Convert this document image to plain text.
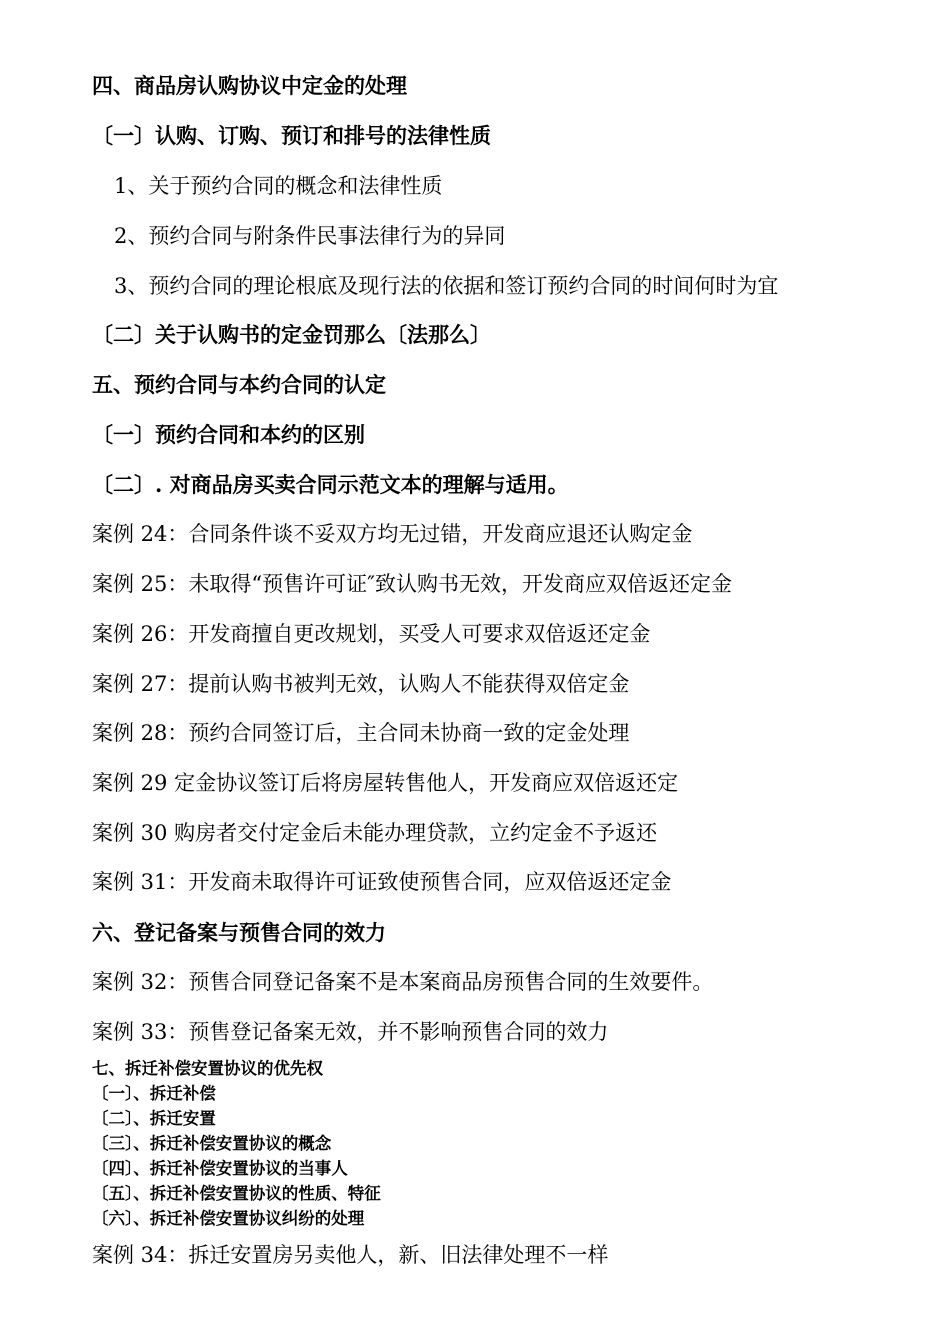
四、商品房认购协议中定金的处理
〔一〕认购、订购、预订和排号的法律性质
1、关于预约合同的概念和法律性质
2、预约合同与附条件民事法律行为的异同
3、预约合同的理论根底及现行法的依据和签订预约合同的时间何时为宜
〔二〕关于认购书的定金罚那么〔法那么〕
五、预约合同与本约合同的认定
〔一〕预约合同和本约的区别
〔二〕. 对商品房买卖合同示范文本的理解与适用。
案例 24：合同条件谈不妥双方均无过错，开发商应退还认购定金
案例 25：未取得“预售许可证″致认购书无效，开发商应双倍返还定金
案例 26：开发商擅自更改规划，买受人可要求双倍返还定金
案例 27：提前认购书被判无效，认购人不能获得双倍定金
案例 28：预约合同签订后，主合同未协商一致的定金处理
案例 29 定金协议签订后将房屋转售他人，开发商应双倍返还定
案例 30 购房者交付定金后未能办理贷款，立约定金不予返还
案例 31：开发商未取得许可证致使预售合同，应双倍返还定金
六、登记备案与预售合同的效力
案例 32：预售合同登记备案不是本案商品房预售合同的生效要件。
案例 33：预售登记备案无效，并不影响预售合同的效力
七、拆迁补偿安置协议的优先权
〔一〕、拆迁补偿
〔二〕、拆迁安置
〔三〕、拆迁补偿安置协议的概念
〔四〕、拆迁补偿安置协议的当事人
〔五〕、拆迁补偿安置协议的性质、特征
〔六〕、拆迁补偿安置协议纠纷的处理
案例 34：拆迁安置房另卖他人，新、旧法律处理不一样
